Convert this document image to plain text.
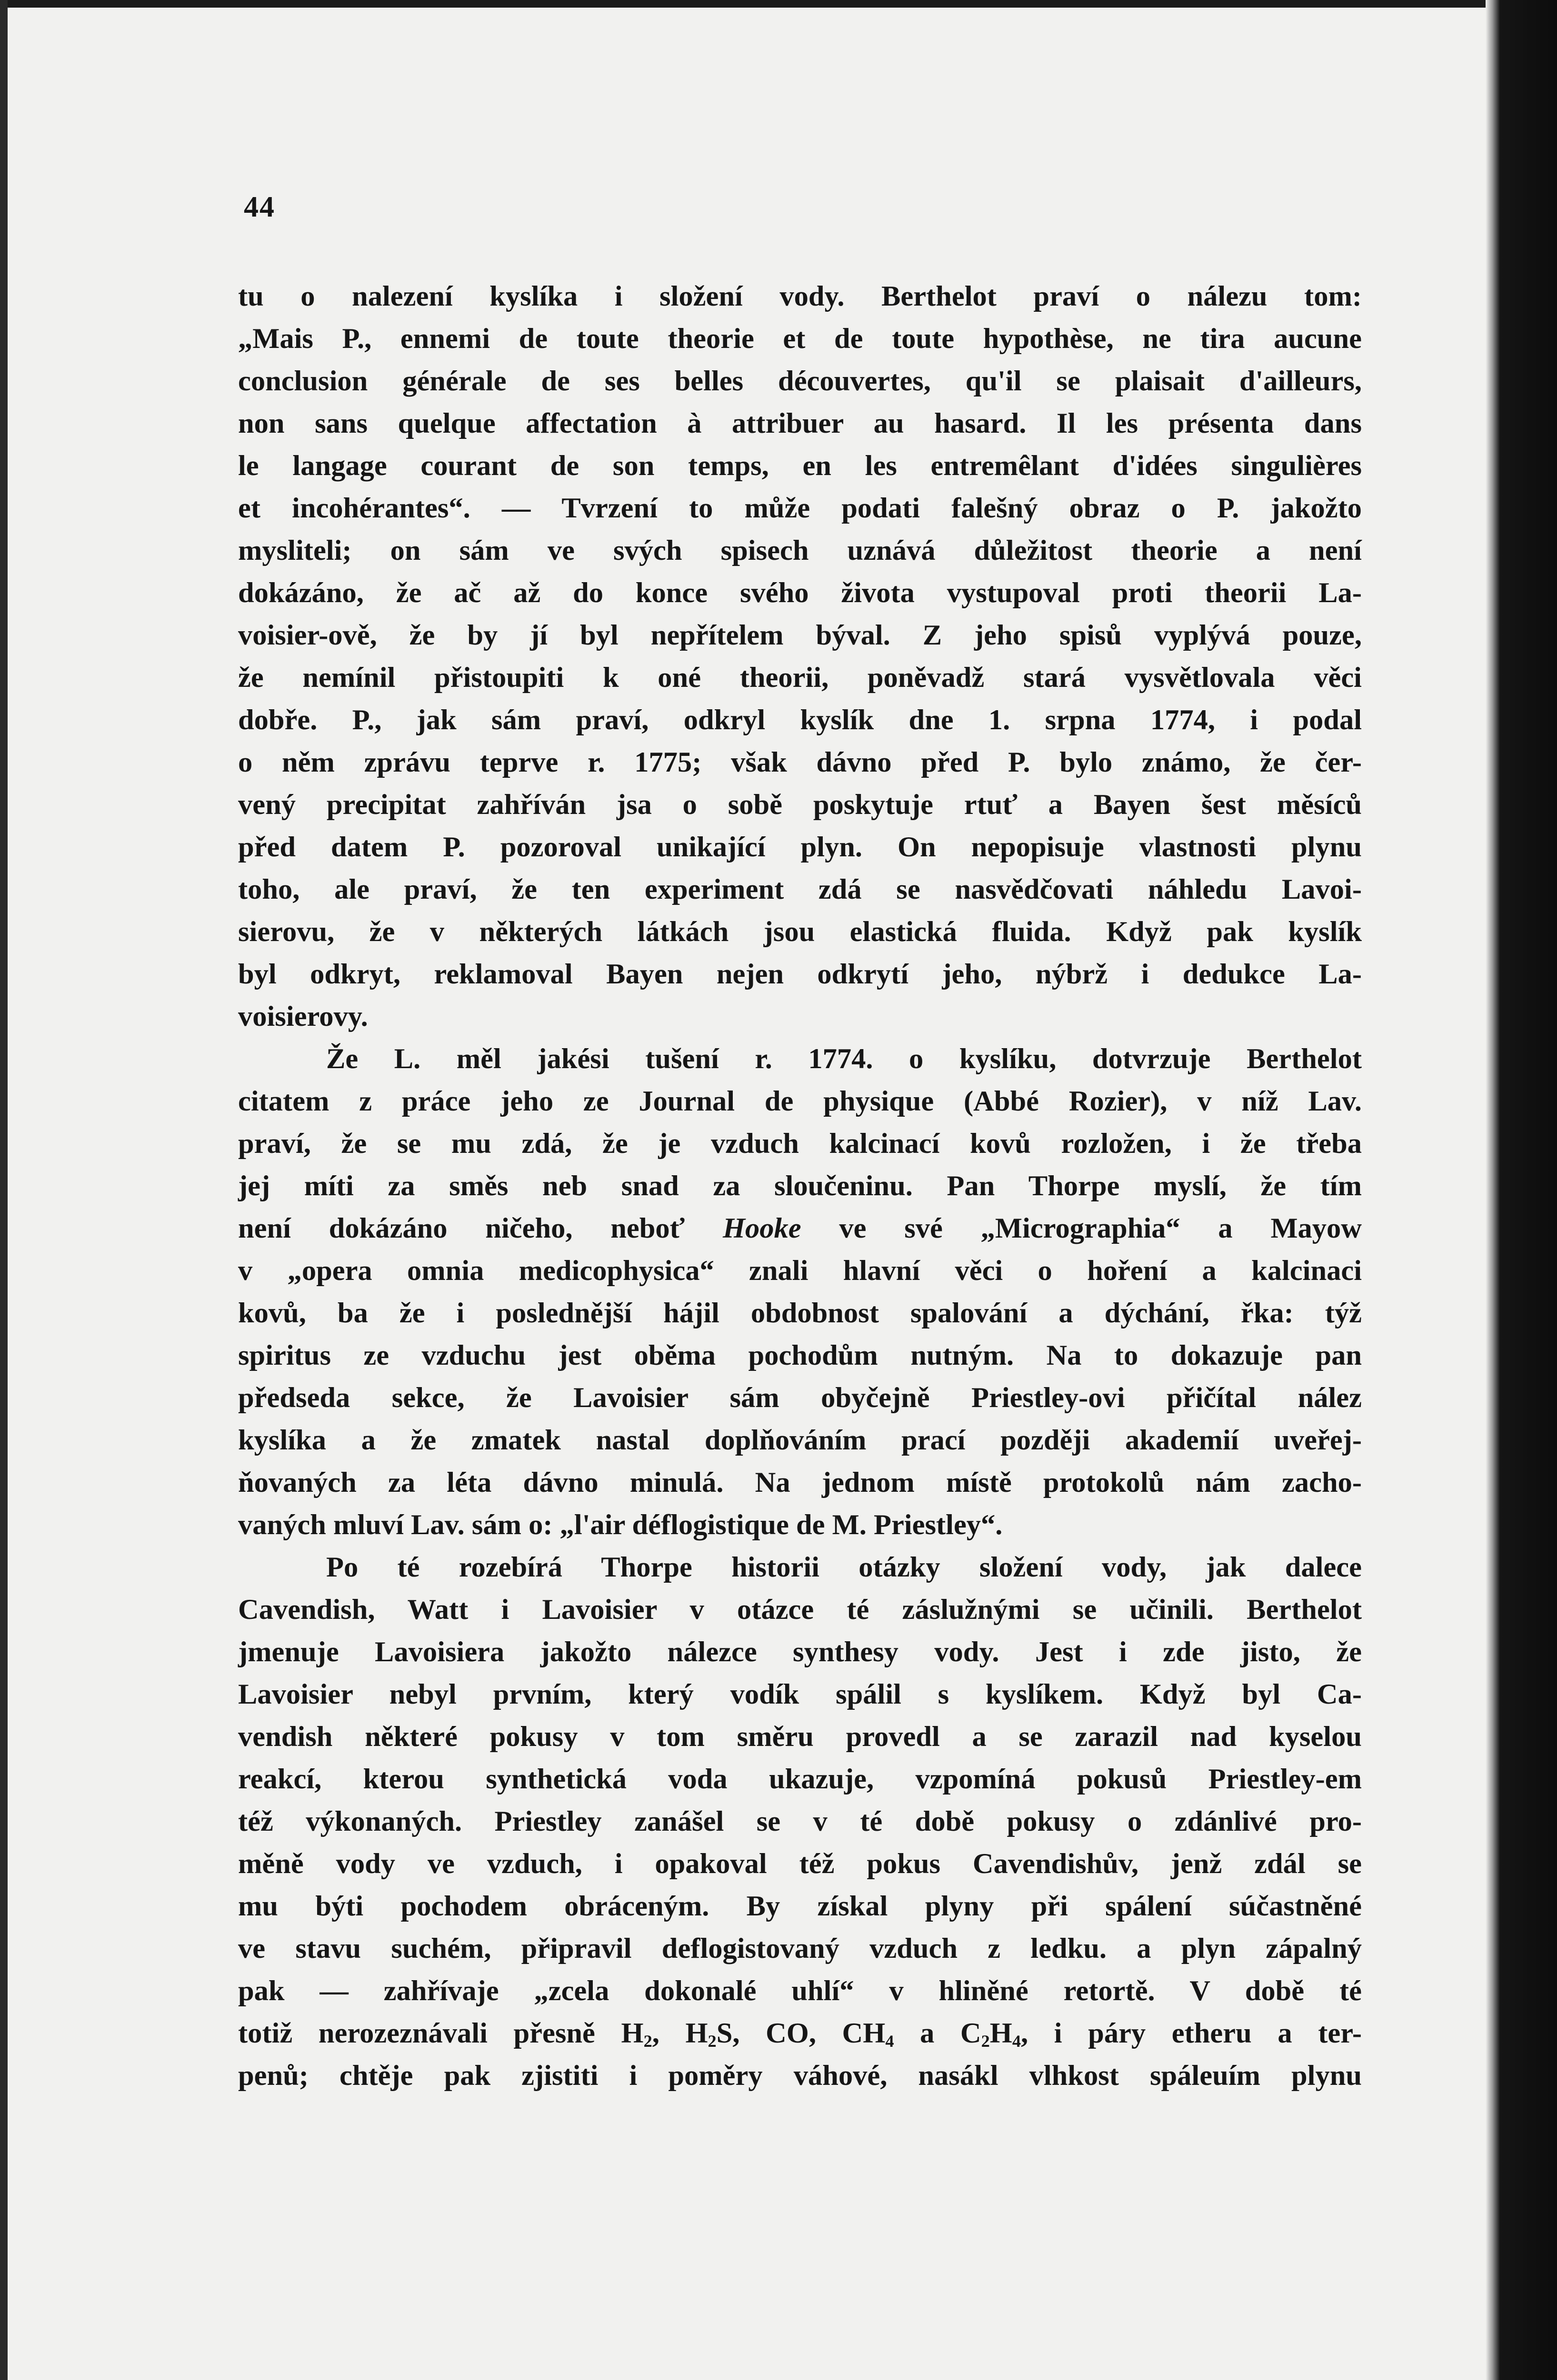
44
tu o nalezení kyslíka i složení vody. Berthelot praví o nálezu tom:
„Mais P., ennemi de toute theorie et de toute hypothèse, ne tira aucune
conclusion générale de ses belles découvertes, qu'il se plaisait d'ailleurs,
non sans quelque affectation à attribuer au hasard. Il les présenta dans
le langage courant de son temps, en les entremêlant d'idées singulières
et incohérantes“. — Tvrzení to může podati falešný obraz o P. jakožto
mysliteli; on sám ve svých spisech uznává důležitost theorie a není
dokázáno, že ač až do konce svého života vystupoval proti theorii La-
voisier-ově, že by jí byl nepřítelem býval. Z jeho spisů vyplývá pouze,
že nemínil přistoupiti k oné theorii, poněvadž stará vysvětlovala věci
dobře. P., jak sám praví, odkryl kyslík dne 1. srpna 1774, i podal
o něm zprávu teprve r. 1775; však dávno před P. bylo známo, že čer-
vený precipitat zahříván jsa o sobě poskytuje rtuť a Bayen šest měsíců
před datem P. pozoroval unikající plyn. On nepopisuje vlastnosti plynu
toho, ale praví, že ten experiment zdá se nasvědčovati náhledu Lavoi-
sierovu, že v některých látkách jsou elastická fluida. Když pak kyslík
byl odkryt, reklamoval Bayen nejen odkrytí jeho, nýbrž i dedukce La-
voisierovy.
Že L. měl jakési tušení r. 1774. o kyslíku, dotvrzuje Berthelot
citatem z práce jeho ze Journal de physique (Abbé Rozier), v níž Lav.
praví, že se mu zdá, že je vzduch kalcinací kovů rozložen, i že třeba
jej míti za směs neb snad za sloučeninu. Pan Thorpe myslí, že tím
není dokázáno ničeho, neboť Hooke ve své „Micrographia“ a Mayow
v „opera omnia medicophysica“ znali hlavní věci o hoření a kalcinaci
kovů, ba že i poslednější hájil obdobnost spalování a dýchání, řka: týž
spiritus ze vzduchu jest oběma pochodům nutným. Na to dokazuje pan
předseda sekce, že Lavoisier sám obyčejně Priestley-ovi přičítal nález
kyslíka a že zmatek nastal doplňováním prací později akademií uveřej-
ňovaných za léta dávno minulá. Na jednom místě protokolů nám zacho-
vaných mluví Lav. sám o: „l'air déflogistique de M. Priestley“.
Po té rozebírá Thorpe historii otázky složení vody, jak dalece
Cavendish, Watt i Lavoisier v otázce té záslužnými se učinili. Berthelot
jmenuje Lavoisiera jakožto nálezce synthesy vody. Jest i zde jisto, že
Lavoisier nebyl prvním, který vodík spálil s kyslíkem. Když byl Ca-
vendish některé pokusy v tom směru provedl a se zarazil nad kyselou
reakcí, kterou synthetická voda ukazuje, vzpomíná pokusů Priestley-em
též výkonaných. Priestley zanášel se v té době pokusy o zdánlivé pro-
měně vody ve vzduch, i opakoval též pokus Cavendishův, jenž zdál se
mu býti pochodem obráceným. By získal plyny při spálení súčastněné
ve stavu suchém, připravil deflogistovaný vzduch z ledku. a plyn zápalný
pak — zahřívaje „zcela dokonalé uhlí“ v hliněné retortě. V době té
totiž nerozeznávali přesně $H_2$, $H_2S$, CO, $CH_4$ a $C_2H_4$, i páry etheru a ter-
penů; chtěje pak zjistiti i poměry váhové, nasákl vlhkost spáleuím plynu
